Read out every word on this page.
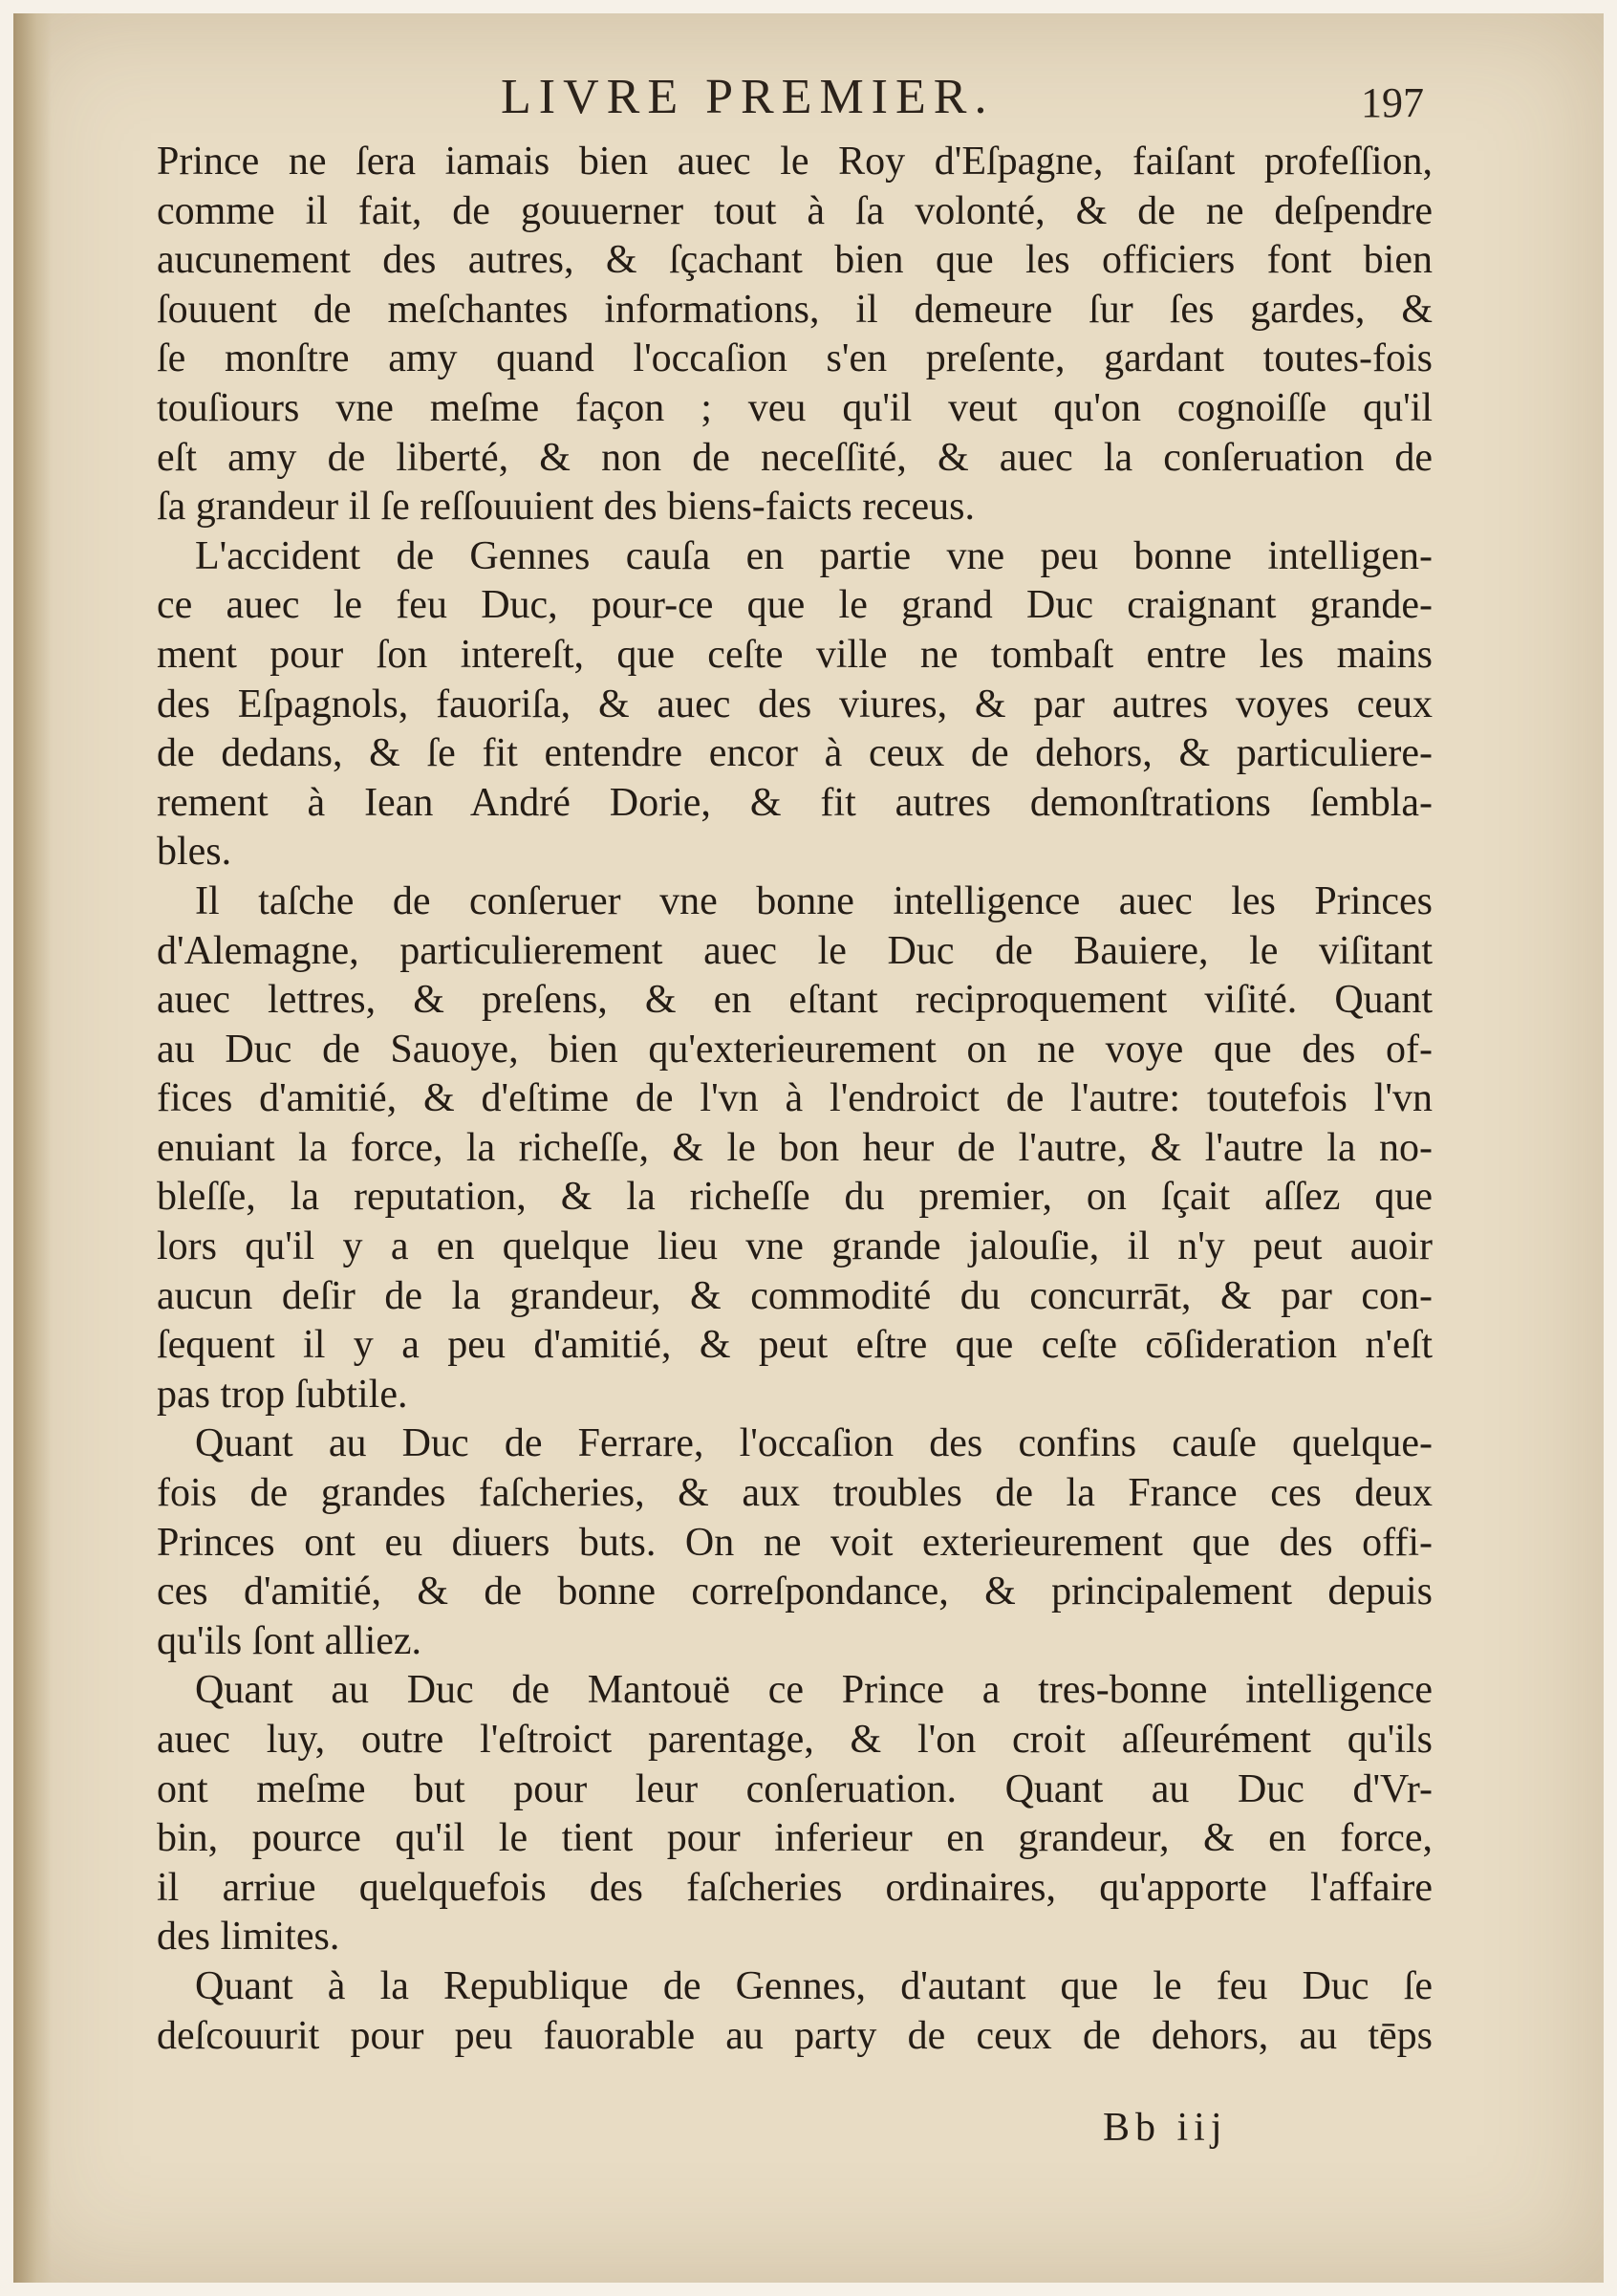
LIVRE PREMIER.	197
Prince ne ſera iamais bien auec le Roy d'Eſpagne, faiſant profeſſion,
comme il fait, de gouuerner tout à ſa volonté, & de ne deſpendre
aucunement des autres, & ſçachant bien que les officiers font bien
ſouuent de meſchantes informations, il demeure ſur ſes gardes, &
ſe monſtre amy quand l'occaſion s'en preſente, gardant toutes-fois
touſiours vne meſme façon ; veu qu'il veut qu'on cognoiſſe qu'il
eſt amy de liberté, & non de neceſſité, & auec la conſeruation de
ſa grandeur il ſe reſſouuient des biens-faicts receus.
L'accident de Gennes cauſa en partie vne peu bonne intelligen-
ce auec le feu Duc, pour-ce que le grand Duc craignant grande-
ment pour ſon intereſt, que ceſte ville ne tombaſt entre les mains
des Eſpagnols, fauoriſa, & auec des viures, & par autres voyes ceux
de dedans, & ſe fit entendre encor à ceux de dehors, & particuliere-
rement à Iean André Dorie, & fit autres demonſtrations ſembla-
bles.
Il taſche de conſeruer vne bonne intelligence auec les Princes
d'Alemagne, particulierement auec le Duc de Bauiere, le viſitant
auec lettres, & preſens, & en eſtant reciproquement viſité. Quant
au Duc de Sauoye, bien qu'exterieurement on ne voye que des of-
fices d'amitié, & d'eſtime de l'vn à l'endroict de l'autre: toutefois l'vn
enuiant la force, la richeſſe, & le bon heur de l'autre, & l'autre la no-
bleſſe, la reputation, & la richeſſe du premier, on ſçait aſſez que
lors qu'il y a en quelque lieu vne grande jalouſie, il n'y peut auoir
aucun deſir de la grandeur, & commodité du concurrāt, & par con-
ſequent il y a peu d'amitié, & peut eſtre que ceſte cōſideration n'eſt
pas trop ſubtile.
Quant au Duc de Ferrare, l'occaſion des confins cauſe quelque-
fois de grandes faſcheries, & aux troubles de la France ces deux
Princes ont eu diuers buts. On ne voit exterieurement que des offi-
ces d'amitié, & de bonne correſpondance, & principalement depuis
qu'ils ſont alliez.
Quant au Duc de Mantouë ce Prince a tres-bonne intelligence
auec luy, outre l'eſtroict parentage, & l'on croit aſſeurément qu'ils
ont meſme but pour leur conſeruation. Quant au Duc d'Vr-
bin, pource qu'il le tient pour inferieur en grandeur, & en force,
il arriue quelquefois des faſcheries ordinaires, qu'apporte l'affaire
des limites.
Quant à la Republique de Gennes, d'autant que le feu Duc ſe
deſcouurit pour peu fauorable au party de ceux de dehors, au tēps
Bb iij
